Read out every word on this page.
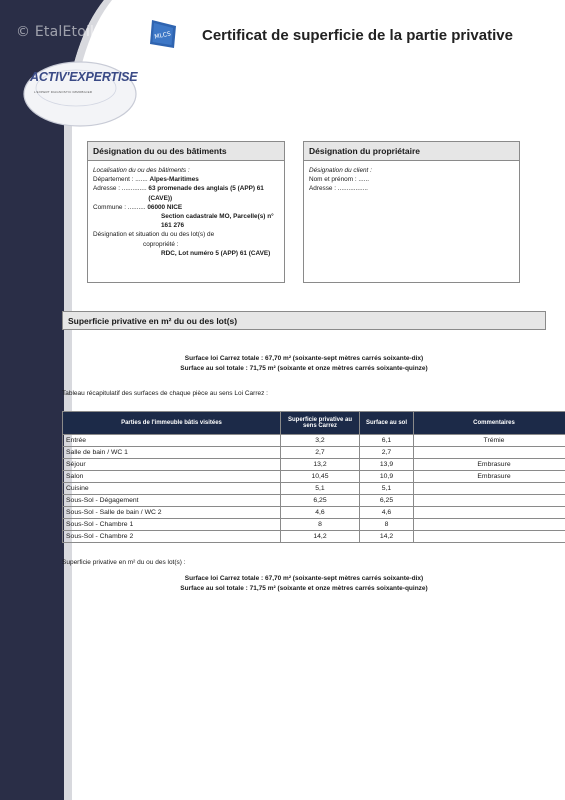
© EtalEtoile.co	MLCS Certificat de superficie de la partie privative
ACTIV'EXPERTISE
L'EXPERT DIAGNOSTIC IMMOBILIER
Désignation du ou des bâtiments
Localisation du ou des bâtiments :
Département : .......
Alpes-Maritimes
Adresse : ..............
63 promenade des anglais (5 (APP) 61 (CAVE))
Commune : ..........
06000 NICE
Section cadastrale MO, Parcelle(s) n° 161 276
Désignation et situation du ou des lot(s) de
copropriété :
RDC, Lot numéro 5 (APP) 61 (CAVE)
Désignation du propriétaire
Désignation du client :
Nom et prénom : ......
Adresse : .................
Superficie privative en m² du ou des lot(s)
Surface loi Carrez totale : 67,70 m² (soixante-sept mètres carrés soixante-dix)
Surface au sol totale : 71,75 m² (soixante et onze mètres carrés soixante-quinze)
Tableau récapitulatif des surfaces de chaque pièce au sens Loi Carrez :
Parties de l'immeuble bâtis visitées	Superficie privative au sens Carrez	Surface au sol	Commentaires
Entrée	3,2	6,1	Trémie
Salle de bain / WC 1	2,7	2,7	
Séjour	13,2	13,9	Embrasure
Salon	10,45	10,9	Embrasure
Cuisine	5,1	5,1	
Sous-Sol - Dégagement	6,25	6,25	
Sous-Sol - Salle de bain / WC 2	4,6	4,6	
Sous-Sol - Chambre 1	8	8	
Sous-Sol - Chambre 2	14,2	14,2	
Superficie privative en m² du ou des lot(s) :
Surface loi Carrez totale : 67,70 m² (soixante-sept mètres carrés soixante-dix)
Surface au sol totale : 71,75 m² (soixante et onze mètres carrés soixante-quinze)
